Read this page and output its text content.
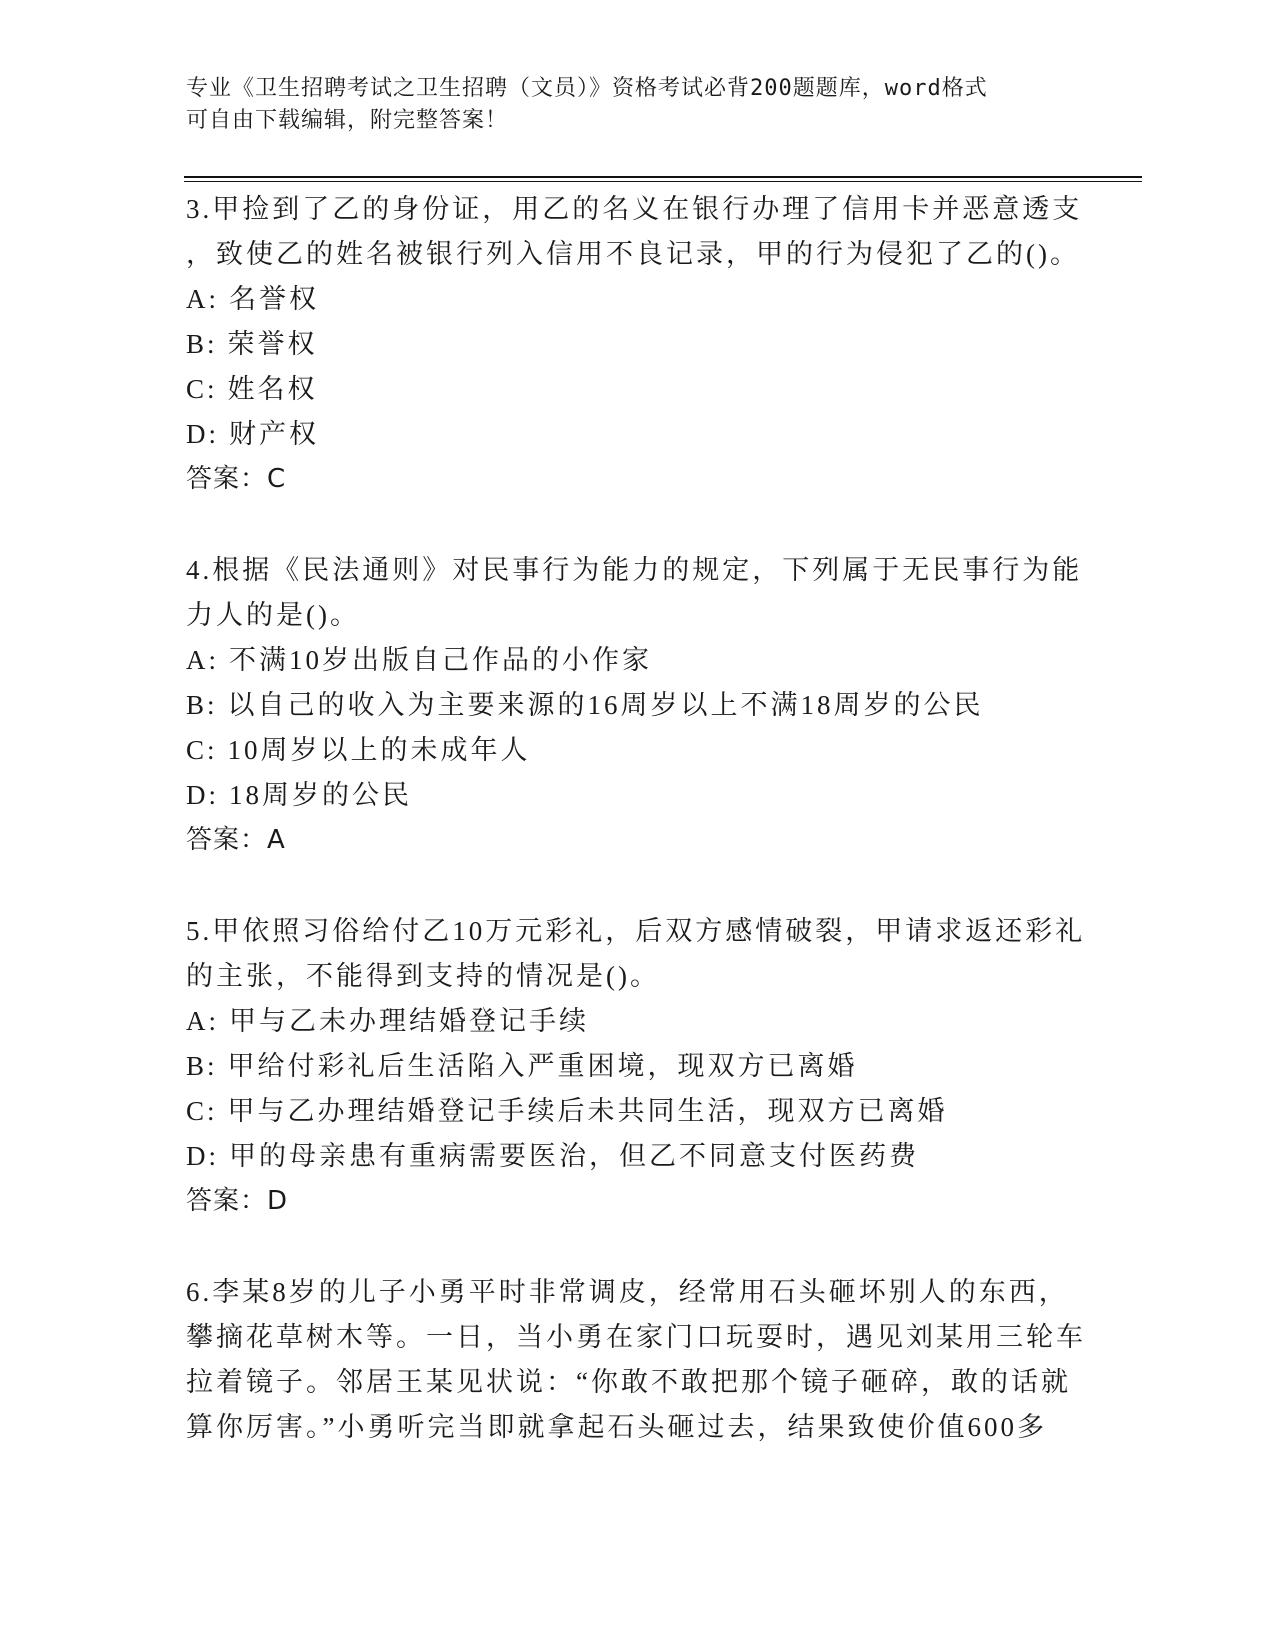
专业《卫生招聘考试之卫生招聘（文员）》资格考试必背200题题库，word格式
可自由下载编辑，附完整答案！
3.甲捡到了乙的身份证，用乙的名义在银行办理了信用卡并恶意透支
，致使乙的姓名被银行列入信用不良记录，甲的行为侵犯了乙的()。
A: 名誉权
B: 荣誉权
C: 姓名权
D: 财产权
答案：C
4.根据《民法通则》对民事行为能力的规定，下列属于无民事行为能
力人的是()。
A: 不满10岁出版自己作品的小作家
B: 以自己的收入为主要来源的16周岁以上不满18周岁的公民
C: 10周岁以上的未成年人
D: 18周岁的公民
答案：A
5.甲依照习俗给付乙10万元彩礼，后双方感情破裂，甲请求返还彩礼
的主张，不能得到支持的情况是()。
A: 甲与乙未办理结婚登记手续
B: 甲给付彩礼后生活陷入严重困境，现双方已离婚
C: 甲与乙办理结婚登记手续后未共同生活，现双方已离婚
D: 甲的母亲患有重病需要医治，但乙不同意支付医药费
答案：D
6.李某8岁的儿子小勇平时非常调皮，经常用石头砸坏别人的东西，
攀摘花草树木等。一日，当小勇在家门口玩耍时，遇见刘某用三轮车
拉着镜子。邻居王某见状说：“你敢不敢把那个镜子砸碎，敢的话就
算你厉害。”小勇听完当即就拿起石头砸过去，结果致使价值600多
